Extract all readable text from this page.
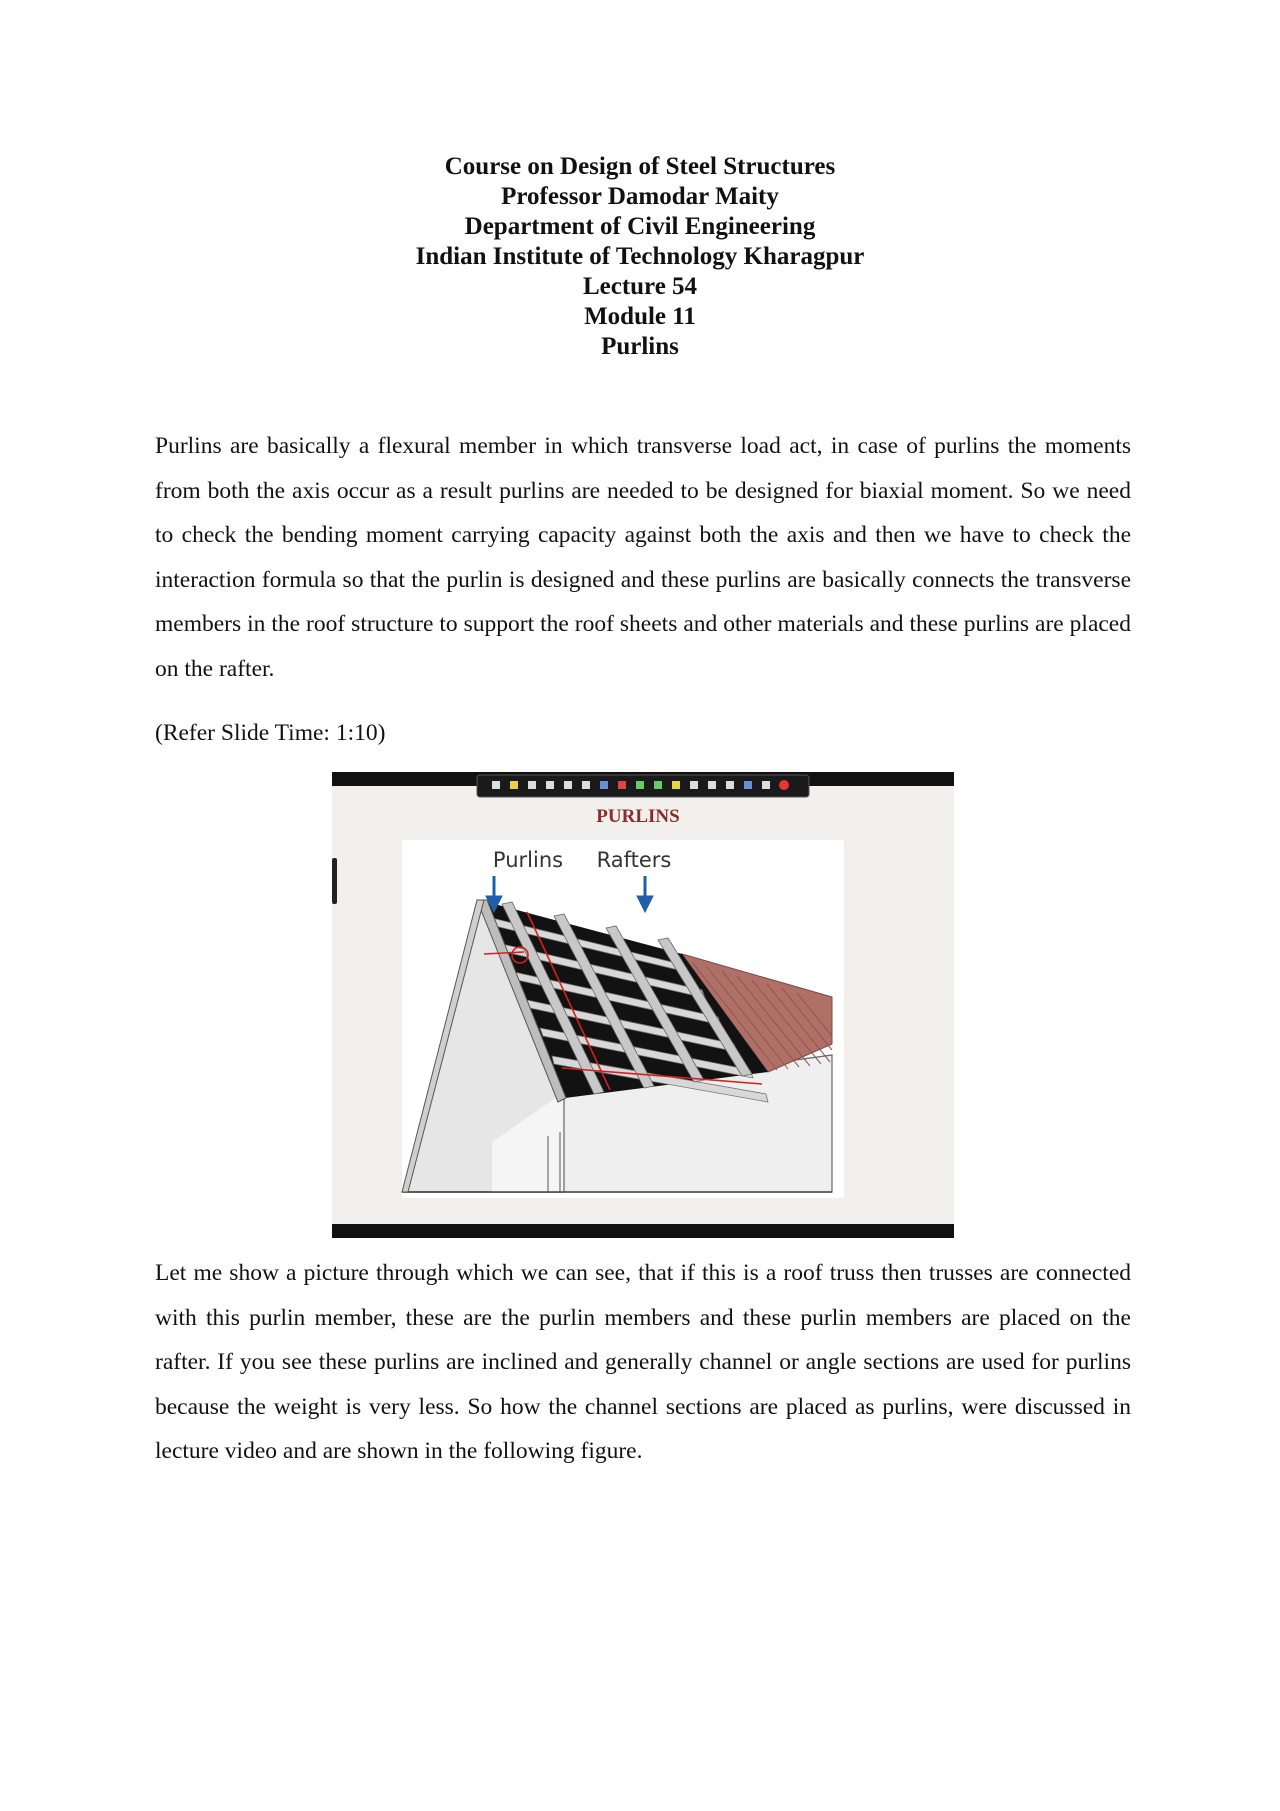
Course on Design of Steel Structures
Professor Damodar Maity
Department of Civil Engineering
Indian Institute of Technology Kharagpur
Lecture 54
Module 11
Purlins

Purlins are basically a flexural member in which transverse load act, in case of purlins the moments from both the axis occur as a result purlins are needed to be designed for biaxial moment. So we need to check the bending moment carrying capacity against both the axis and then we have to check the interaction formula so that the purlin is designed and these purlins are basically connects the transverse members in the roof structure to support the roof sheets and other materials and these purlins are placed on the rafter.

(Refer Slide Time: 1:10)

PURLINS
Purlins Rafters

Let me show a picture through which we can see, that if this is a roof truss then trusses are connected with this purlin member, these are the purlin members and these purlin members are placed on the rafter. If you see these purlins are inclined and generally channel or angle sections are used for purlins because the weight is very less. So how the channel sections are placed as purlins, were discussed in lecture video and are shown in the following figure.
